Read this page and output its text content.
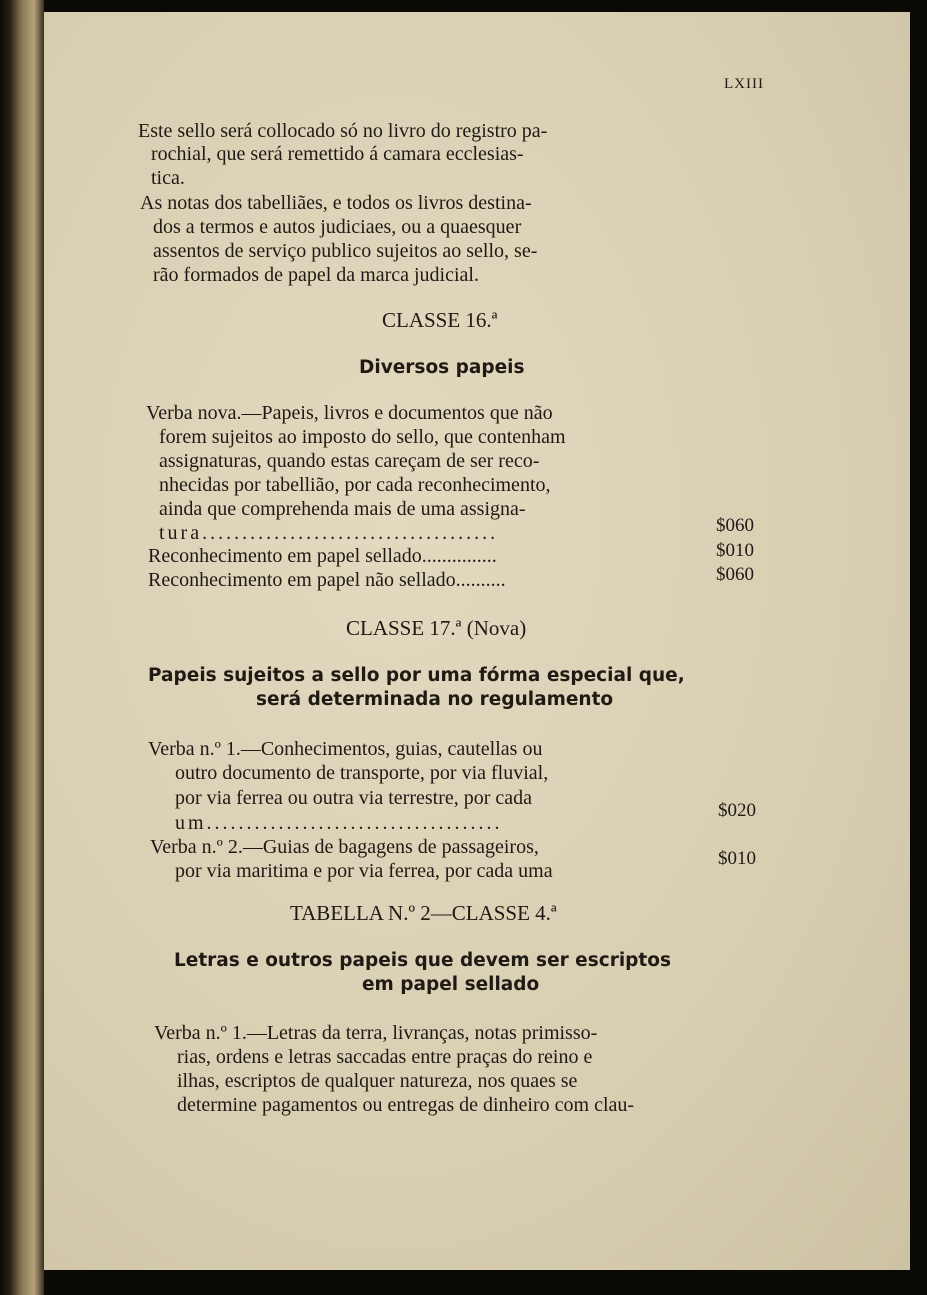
LXIII
Este sello será collocado só no livro do registro pa-
rochial, que será remettido á camara ecclesias-
tica.
As notas dos tabelliães, e todos os livros destina-
dos a termos e autos judiciaes, ou a quaesquer
assentos de serviço publico sujeitos ao sello, se-
rão formados de papel da marca judicial.
CLASSE 16.ª
Diversos papeis
Verba nova.—Papeis, livros e documentos que não
forem sujeitos ao imposto do sello, que contenham
assignaturas, quando estas careçam de ser reco-
nhecidas por tabellião, por cada reconhecimento,
ainda que comprehenda mais de uma assigna-
tura.....................................
Reconhecimento em papel sellado...............
Reconhecimento em papel não sellado..........
$060
$010
$060
CLASSE 17.ª (Nova)
Papeis sujeitos a sello por uma fórma especial que,
será determinada no regulamento
Verba n.º 1.—Conhecimentos, guias, cautellas ou
outro documento de transporte, por via fluvial,
por via ferrea ou outra via terrestre, por cada
um.....................................
Verba n.º 2.—Guias de bagagens de passageiros,
por via maritima e por via ferrea, por cada uma
$020
$010
TABELLA N.º 2—CLASSE 4.ª
Letras e outros papeis que devem ser escriptos
em papel sellado
Verba n.º 1.—Letras da terra, livranças, notas primisso-
rias, ordens e letras saccadas entre praças do reino e
ilhas, escriptos de qualquer natureza, nos quaes se
determine pagamentos ou entregas de dinheiro com clau-
